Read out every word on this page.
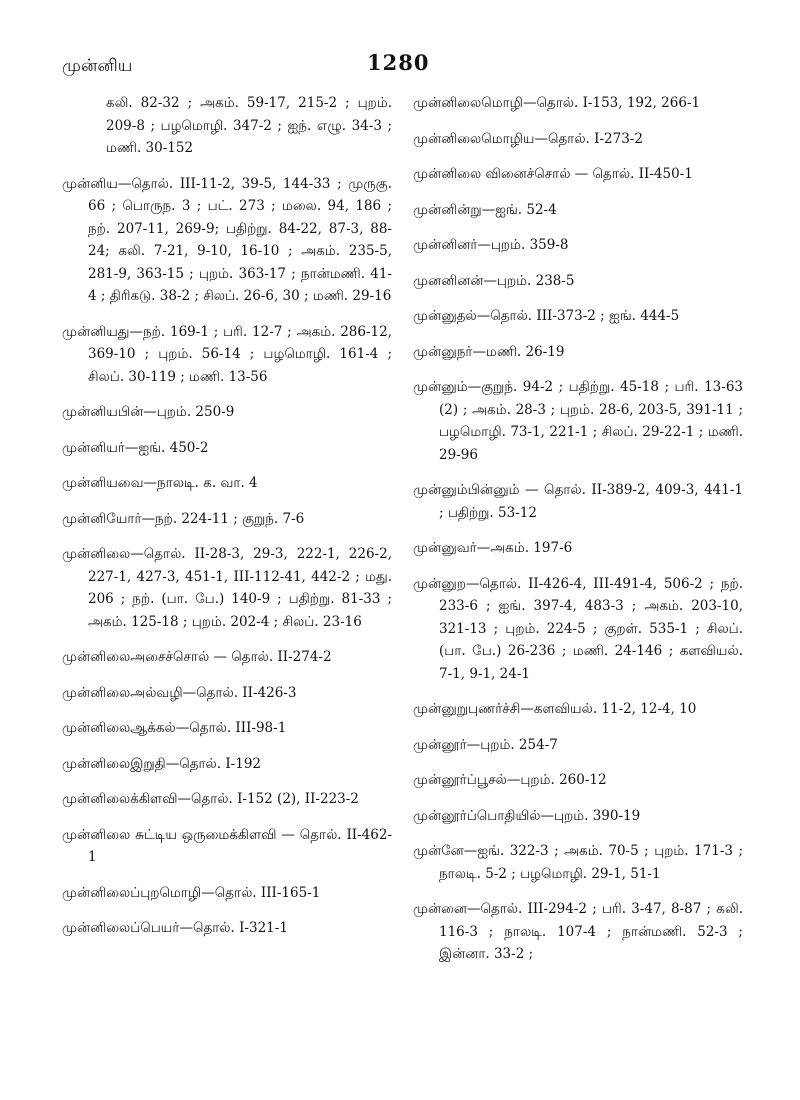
முன்னிய	1280
கலி. 82-32 ; அகம். 59-17, 215-2 ; புறம். 209-8 ; பழமொழி. 347-2 ; ஐந். எழு. 34-3 ; மணி. 30-152
முன்னிய—தொல். III-11-2, 39-5, 144-33 ; முருகு. 66 ; பொருந. 3 ; பட். 273 ; மலை. 94, 186 ; நற். 207-11, 269-9; பதிற்று. 84-22, 87-3, 88-24; கலி. 7-21, 9-10, 16-10 ; அகம். 235-5, 281-9, 363-15 ; புறம். 363-17 ; நான்மணி. 41-4 ; திரிகடு. 38-2 ; சிலப். 26-6, 30 ; மணி. 29-16
முன்னியது—நற். 169-1 ; பரி. 12-7 ; அகம். 286-12, 369-10 ; புறம். 56-14 ; பழமொழி. 161-4 ; சிலப். 30-119 ; மணி. 13-56
முன்னியபின்—புறம். 250-9
முன்னியர்—ஐங். 450-2
முன்னியவை—நாலடி. க. வா. 4
முன்னியோர்—நற். 224-11 ; குறுந். 7-6
முன்னிலை—தொல். II-28-3, 29-3, 222-1, 226-2, 227-1, 427-3, 451-1, III-112-41, 442-2 ; மது. 206 ; நற். (பா. பே.) 140-9 ; பதிற்று. 81-33 ; அகம். 125-18 ; புறம். 202-4 ; சிலப். 23-16
முன்னிலைஅசைச்சொல் — தொல். II-274-2
முன்னிலைஅல்வழி—தொல். II-426-3
முன்னிலைஆக்கல்—தொல். III-98-1
முன்னிலைஇறுதி—தொல். I-192
முன்னிலைக்கிளவி—தொல். I-152 (2), II-223-2
முன்னிலை சுட்டிய ஒருமைக்கிளவி — தொல். II-462-1
முன்னிலைப்புறமொழி—தொல். III-165-1
முன்னிலைப்பெயர்—தொல். I-321-1
முன்னிலைமொழி—தொல். I-153, 192, 266-1
முன்னிலைமொழிய—தொல். I-273-2
முன்னிலை வினைச்சொல் — தொல். II-450-1
முன்னின்று—ஐங். 52-4
முன்னினர்—புறம். 359-8
முனனினன்—புறம். 238-5
முன்னுதல்—தொல். III-373-2 ; ஐங். 444-5
முன்னுநர்—மணி. 26-19
முன்னும்—குறுந். 94-2 ; பதிற்று. 45-18 ; பரி. 13-63 (2) ; அகம். 28-3 ; புறம். 28-6, 203-5, 391-11 ; பழமொழி. 73-1, 221-1 ; சிலப். 29-22-1 ; மணி. 29-96
முன்னும்பின்னும் — தொல். II-389-2, 409-3, 441-1 ; பதிற்று. 53-12
முன்னுவர்—அகம். 197-6
முன்னுற—தொல். II-426-4, III-491-4, 506-2 ; நற். 233-6 ; ஐங். 397-4, 483-3 ; அகம். 203-10, 321-13 ; புறம். 224-5 ; குறள். 535-1 ; சிலப். (பா. பே.) 26-236 ; மணி. 24-146 ; களவியல். 7-1, 9-1, 24-1
முன்னுறுபுணர்ச்சி—களவியல். 11-2, 12-4, 10
முன்னூர்—புறம். 254-7
முன்னூர்ப்பூசல்—புறம். 260-12
முன்னூர்ப்பொதியில்—புறம். 390-19
முன்னே—ஐங். 322-3 ; அகம். 70-5 ; புறம். 171-3 ; நாலடி. 5-2 ; பழமொழி. 29-1, 51-1
முன்னை—தொல். III-294-2 ; பரி. 3-47, 8-87 ; கலி. 116-3 ; நாலடி. 107-4 ; நான்மணி. 52-3 ; இன்னா. 33-2 ;
